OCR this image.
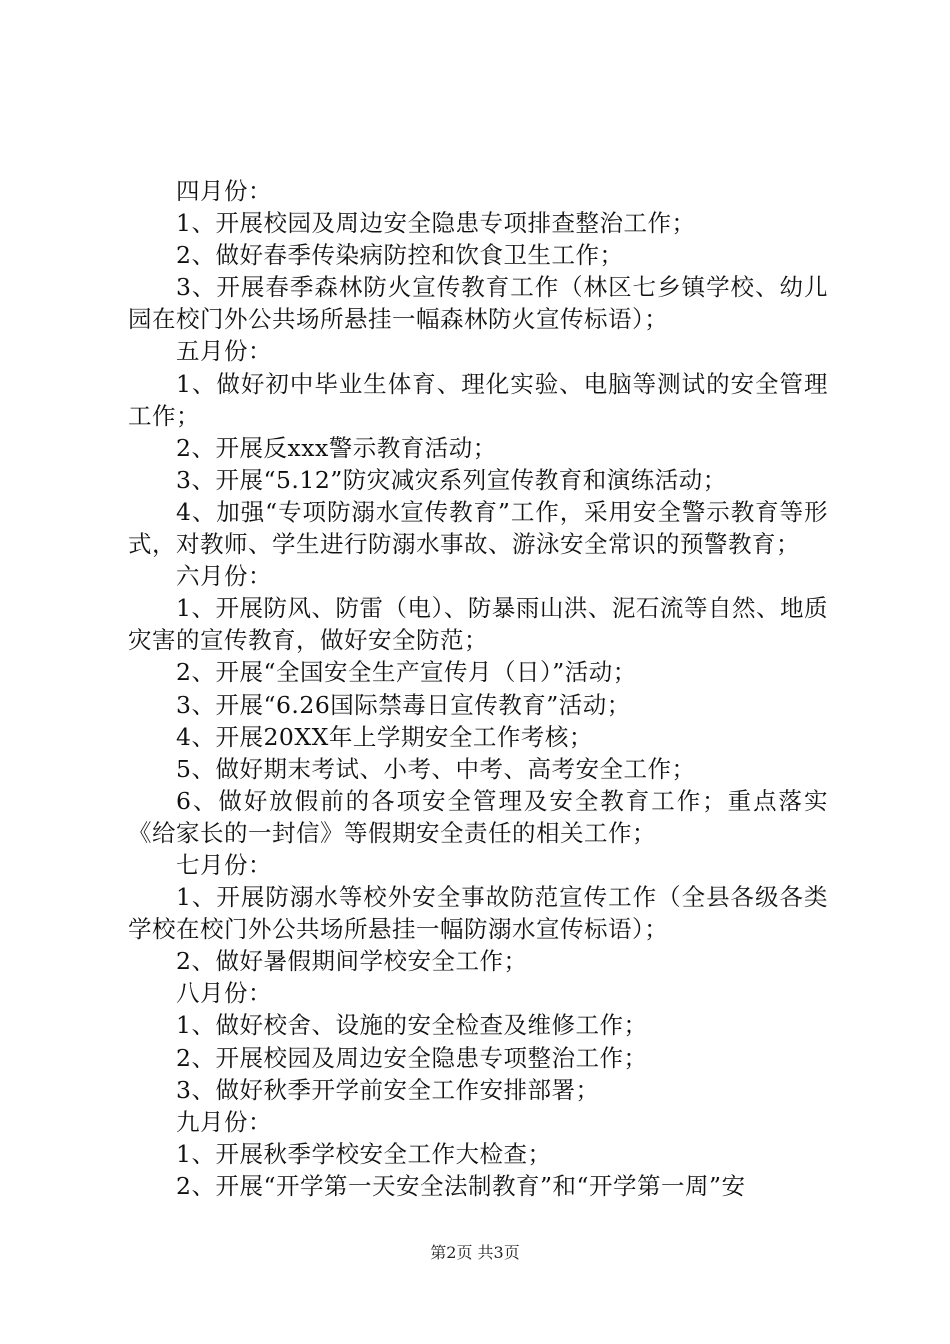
四月份：

1、开展校园及周边安全隐患专项排查整治工作；

2、做好春季传染病防控和饮食卫生工作；

3、开展春季森林防火宣传教育工作（林区七乡镇学校、幼儿园在校门外公共场所悬挂一幅森林防火宣传标语）；

五月份：

1、做好初中毕业生体育、理化实验、电脑等测试的安全管理工作；

2、开展反xxx警示教育活动；

3、开展“5.12”防灾减灾系列宣传教育和演练活动；

4、加强“专项防溺水宣传教育”工作，采用安全警示教育等形式，对教师、学生进行防溺水事故、游泳安全常识的预警教育；

六月份：

1、开展防风、防雷（电）、防暴雨山洪、泥石流等自然、地质灾害的宣传教育，做好安全防范；

2、开展“全国安全生产宣传月（日）”活动；

3、开展“6.26国际禁毒日宣传教育”活动；

4、开展20XX年上学期安全工作考核；

5、做好期末考试、小考、中考、高考安全工作；

6、做好放假前的各项安全管理及安全教育工作；重点落实《给家长的一封信》等假期安全责任的相关工作；

七月份：

1、开展防溺水等校外安全事故防范宣传工作（全县各级各类学校在校门外公共场所悬挂一幅防溺水宣传标语）；

2、做好暑假期间学校安全工作；

八月份：

1、做好校舍、设施的安全检查及维修工作；

2、开展校园及周边安全隐患专项整治工作；

3、做好秋季开学前安全工作安排部署；

九月份：

1、开展秋季学校安全工作大检查；

2、开展“开学第一天安全法制教育”和“开学第一周”安

第2页 共3页
